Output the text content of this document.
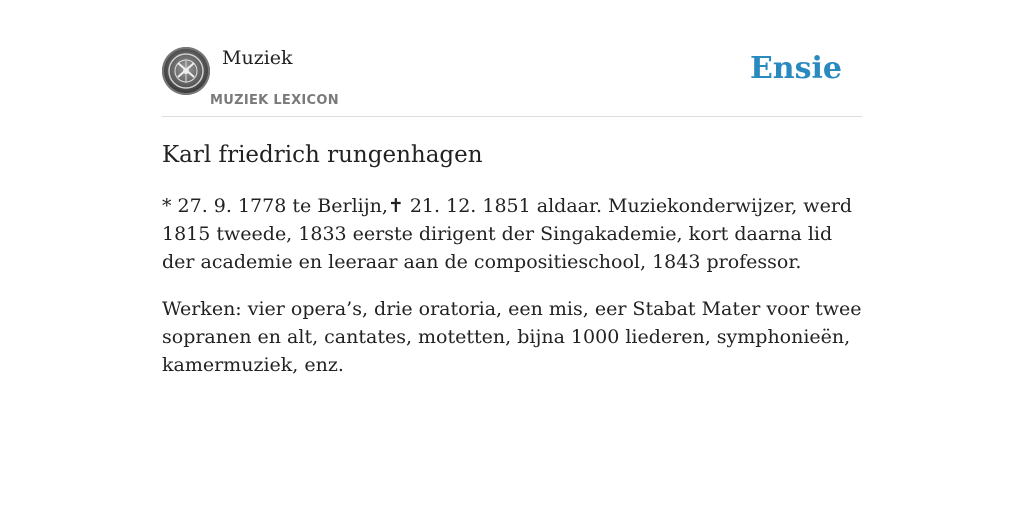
Muziek
MUZIEK LEXICON
Ensie
Karl friedrich rungenhagen

* 27. 9. 1778 te Berlijn,✝ 21. 12. 1851 aldaar. Muziekonderwijzer, werd 1815 tweede, 1833 eerste dirigent der Singakademie, kort daarna lid der academie en leeraar aan de compositieschool, 1843 professor.

Werken: vier opera’s, drie oratoria, een mis, eer Stabat Mater voor twee sopranen en alt, cantates, motetten, bijna 1000 liederen, symphonieën, kamermuziek, enz.
